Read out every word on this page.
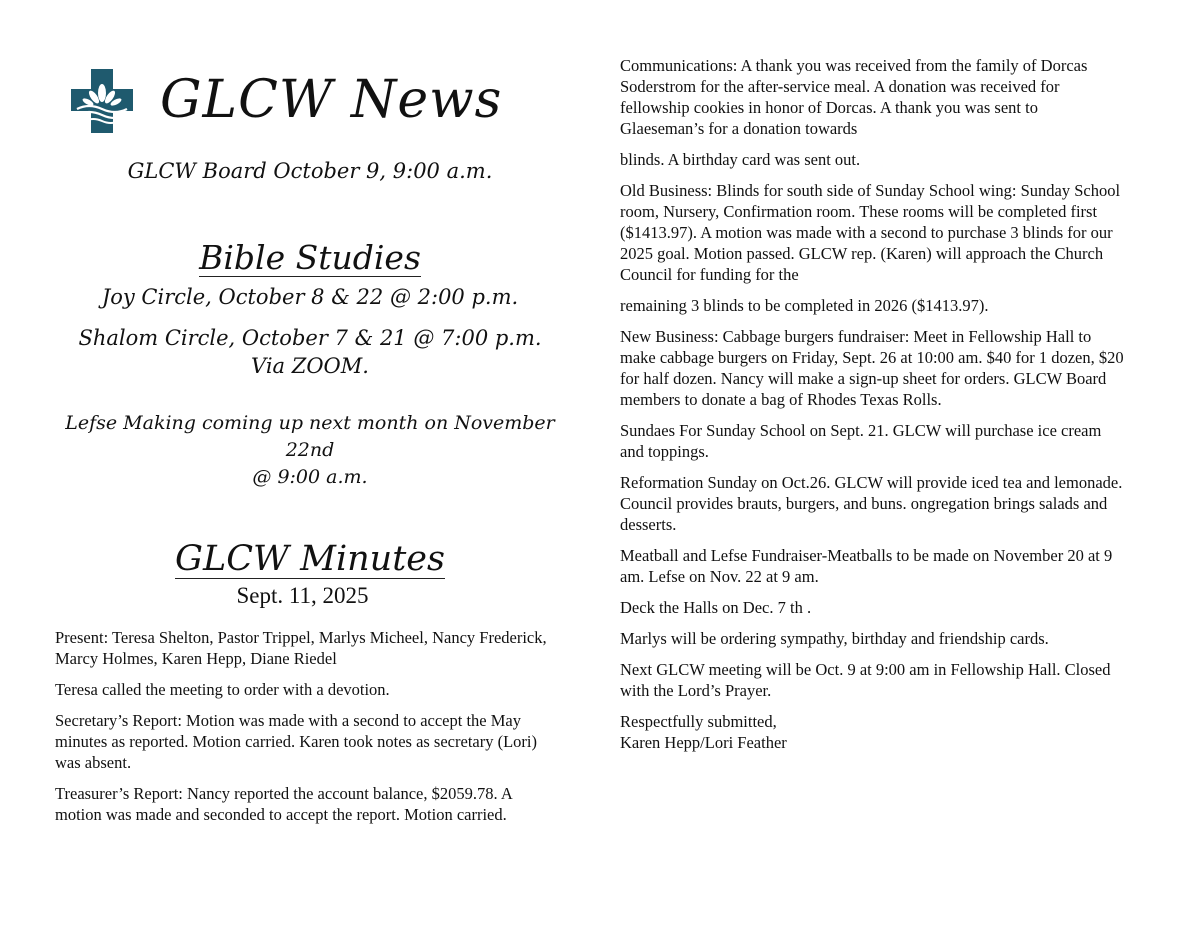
GLCW News
GLCW Board October 9, 9:00 a.m.
Bible Studies
Joy Circle, October 8 & 22 @ 2:00 p.m.
Shalom Circle, October 7 & 21 @ 7:00 p.m.
Via ZOOM.
Lefse Making coming up next month on November 22nd
@ 9:00 a.m.
GLCW Minutes
Sept. 11, 2025

Present: Teresa Shelton, Pastor Trippel, Marlys Micheel, Nancy Frederick, Marcy Holmes, Karen Hepp, Diane Riedel

Teresa called the meeting to order with a devotion.

Secretary’s Report: Motion was made with a second to accept the May minutes as reported. Motion carried. Karen took notes as secretary (Lori) was absent.

Treasurer’s Report: Nancy reported the account balance, $2059.78. A motion was made and seconded to accept the report. Motion carried.

Communications: A thank you was received from the family of Dorcas Soderstrom for the after-service meal. A donation was received for fellowship cookies in honor of Dorcas. A thank you was sent to Glaeseman’s for a donation towards

blinds. A birthday card was sent out.

Old Business: Blinds for south side of Sunday School wing: Sunday School room, Nursery, Confirmation room. These rooms will be completed first ($1413.97). A motion was made with a second to purchase 3 blinds for our 2025 goal. Motion passed. GLCW rep. (Karen) will approach the Church Council for funding for the

remaining 3 blinds to be completed in 2026 ($1413.97).

New Business: Cabbage burgers fundraiser: Meet in Fellowship Hall to make cabbage burgers on Friday, Sept. 26 at 10:00 am. $40 for 1 dozen, $20 for half dozen. Nancy will make a sign-up sheet for orders. GLCW Board members to donate a bag of Rhodes Texas Rolls.

Sundaes For Sunday School on Sept. 21. GLCW will purchase ice cream and toppings.

Reformation Sunday on Oct.26. GLCW will provide iced tea and lemonade. Council provides brauts, burgers, and buns. ongregation brings salads and desserts.

Meatball and Lefse Fundraiser-Meatballs to be made on November 20 at 9 am. Lefse on Nov. 22 at 9 am.

Deck the Halls on Dec. 7 th .

Marlys will be ordering sympathy, birthday and friendship cards.

Next GLCW meeting will be Oct. 9 at 9:00 am in Fellowship Hall. Closed with the Lord’s Prayer.

Respectfully submitted,
Karen Hepp/Lori Feather
